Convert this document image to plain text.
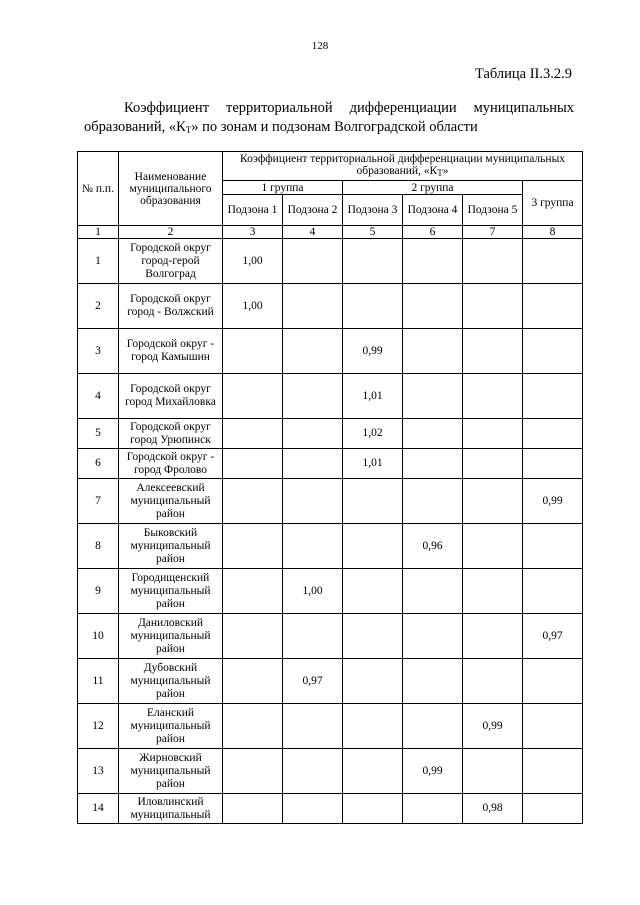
128
Таблица II.3.2.9
Коэффициент территориальной дифференциации муниципальных образований, «$К_Т$» по зонам и подзонам Волгоградской области
№ п.п.	Наименование муниципального образования	Коэффициент территориальной дифференциации муниципальных образований, «$К_Т$»					
		1 группа		2 группа			3 группа
		Подзона 1	Подзона 2	Подзона 3	Подзона 4	Подзона 5	
1	2	3	4	5	6	7	8
1	Городской округ город-герой Волгоград	1,00					
2	Городской округ город - Волжский	1,00					
3	Городской округ - город Камышин			0,99			
4	Городской округ город Михайловка			1,01			
5	Городской округ город Урюпинск			1,02			
6	Городской округ - город Фролово			1,01			
7	Алексеевский муниципальный район						0,99
8	Быковский муниципальный район				0,96		
9	Городищенский муниципальный район		1,00				
10	Даниловский муниципальный район						0,97
11	Дубовский муниципальный район		0,97				
12	Еланский муниципальный район					0,99	
13	Жирновский муниципальный район				0,99		
14	Иловлинский муниципальный					0,98	
